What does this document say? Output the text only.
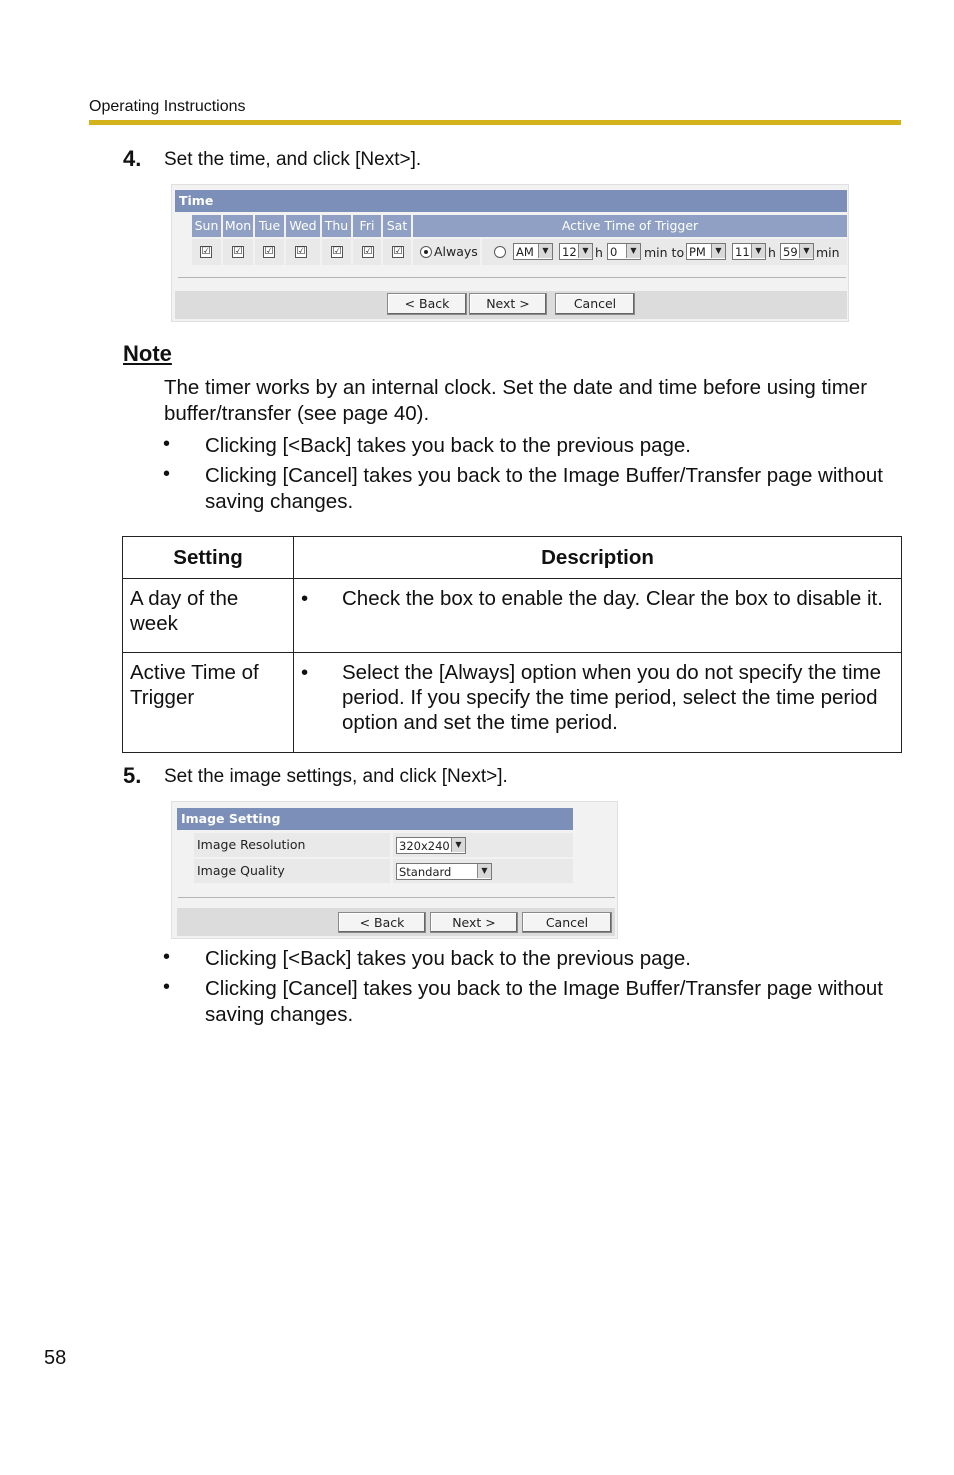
Operating Instructions
4. Set the time, and click [Next>].
Time
Sun Mon Tue Wed Thu Fri Sat	Active Time of Trigger
☑ ☑ ☑ ☑	☑ ☑ ☑	Always	AM	▼ 12 ▼ h 0	▼ min to PM	▼ 11 ▼ h 59 ▼ min
< Back	Next >	Cancel
Note
The timer works by an internal clock. Set the date and time before using timer buffer/transfer (see page 40).
• Clicking [<Back] takes you back to the previous page.
• Clicking [Cancel] takes you back to the Image Buffer/Transfer page without saving changes.
Setting	Description
A day of the week	• Check the box to enable the day. Clear the box to disable it.

Active Time of Trigger	• Select the [Always] option when you do not specify the time period. If you specify the time period, select the time period option and set the time period.
5. Set the image settings, and click [Next>].
Image Setting
Image Resolution	320x240 ▼
Image Quality	Standard	▼
< Back	Next >	Cancel
• Clicking [<Back] takes you back to the previous page.
• Clicking [Cancel] takes you back to the Image Buffer/Transfer page without saving changes.
58
